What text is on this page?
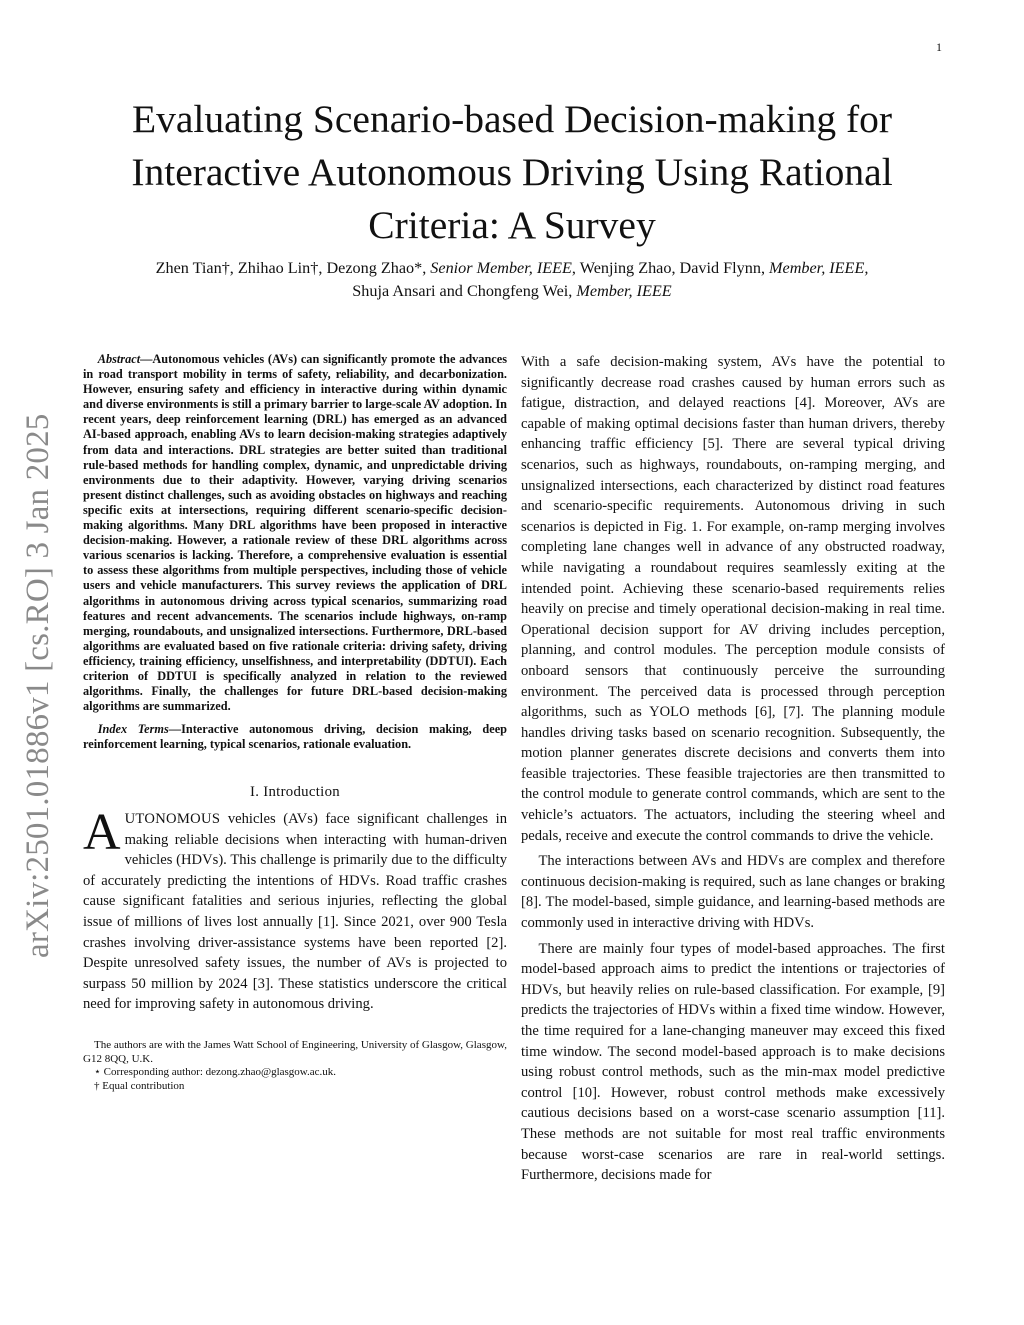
1
arXiv:2501.01886v1 [cs.RO] 3 Jan 2025
Evaluating Scenario-based Decision-making for
Interactive Autonomous Driving Using Rational
Criteria: A Survey
Zhen Tian†, Zhihao Lin†, Dezong Zhao*, Senior Member, IEEE, Wenjing Zhao, David Flynn, Member, IEEE,
Shuja Ansari and Chongfeng Wei, Member, IEEE

Abstract—Autonomous vehicles (AVs) can significantly promote the advances in road transport mobility in terms of safety, reliability, and decarbonization. However, ensuring safety and efficiency in interactive during within dynamic and diverse environments is still a primary barrier to large-scale AV adoption. In recent years, deep reinforcement learning (DRL) has emerged as an advanced AI-based approach, enabling AVs to learn decision-making strategies adaptively from data and interactions. DRL strategies are better suited than traditional rule-based methods for handling complex, dynamic, and unpredictable driving environments due to their adaptivity. However, varying driving scenarios present distinct challenges, such as avoiding obstacles on highways and reaching specific exits at intersections, requiring different scenario-specific decision-making algorithms. Many DRL algorithms have been proposed in interactive decision-making. However, a rationale review of these DRL algorithms across various scenarios is lacking. Therefore, a comprehensive evaluation is essential to assess these algorithms from multiple perspectives, including those of vehicle users and vehicle manufacturers. This survey reviews the application of DRL algorithms in autonomous driving across typical scenarios, summarizing road features and recent advancements. The scenarios include highways, on-ramp merging, roundabouts, and unsignalized intersections. Furthermore, DRL-based algorithms are evaluated based on five rationale criteria: driving safety, driving efficiency, training efficiency, unselfishness, and interpretability (DDTUI). Each criterion of DDTUI is specifically analyzed in relation to the reviewed algorithms. Finally, the challenges for future DRL-based decision-making algorithms are summarized.

Index Terms—Interactive autonomous driving, decision making, deep reinforcement learning, typical scenarios, rationale evaluation.

I. Introduction

AUTONOMOUS vehicles (AVs) face significant challenges in making reliable decisions when interacting with human-driven vehicles (HDVs). This challenge is primarily due to the difficulty of accurately predicting the intentions of HDVs. Road traffic crashes cause significant fatalities and serious injuries, reflecting the global issue of millions of lives lost annually [1]. Since 2021, over 900 Tesla crashes involving driver-assistance systems have been reported [2]. Despite unresolved safety issues, the number of AVs is projected to surpass 50 million by 2024 [3]. These statistics underscore the critical need for improving safety in autonomous driving.

The authors are with the James Watt School of Engineering, University of Glasgow, Glasgow, G12 8QQ, U.K.

⋆ Corresponding author: dezong.zhao@glasgow.ac.uk.

† Equal contribution

With a safe decision-making system, AVs have the potential to significantly decrease road crashes caused by human errors such as fatigue, distraction, and delayed reactions [4]. Moreover, AVs are capable of making optimal decisions faster than human drivers, thereby enhancing traffic efficiency [5]. There are several typical driving scenarios, such as highways, roundabouts, on-ramping merging, and unsignalized intersections, each characterized by distinct road features and scenario-specific requirements. Autonomous driving in such scenarios is depicted in Fig. 1. For example, on-ramp merging involves completing lane changes well in advance of any obstructed roadway, while navigating a roundabout requires seamlessly exiting at the intended point. Achieving these scenario-based requirements relies heavily on precise and timely operational decision-making in real time. Operational decision support for AV driving includes perception, planning, and control modules. The perception module consists of onboard sensors that continuously perceive the surrounding environment. The perceived data is processed through perception algorithms, such as YOLO methods [6], [7]. The planning module handles driving tasks based on scenario recognition. Subsequently, the motion planner generates discrete decisions and converts them into feasible trajectories. These feasible trajectories are then transmitted to the control module to generate control commands, which are sent to the vehicle’s actuators. The actuators, including the steering wheel and pedals, receive and execute the control commands to drive the vehicle.

The interactions between AVs and HDVs are complex and therefore continuous decision-making is required, such as lane changes or braking [8]. The model-based, simple guidance, and learning-based methods are commonly used in interactive driving with HDVs.

There are mainly four types of model-based approaches. The first model-based approach aims to predict the intentions or trajectories of HDVs, but heavily relies on rule-based classification. For example, [9] predicts the trajectories of HDVs within a fixed time window. However, the time required for a lane-changing maneuver may exceed this fixed time window. The second model-based approach is to make decisions using robust control methods, such as the min-max model predictive control [10]. However, robust control methods make excessively cautious decisions based on a worst-case scenario assumption [11]. These methods are not suitable for most real traffic environments because worst-case scenarios are rare in real-world settings. Furthermore, decisions made for
